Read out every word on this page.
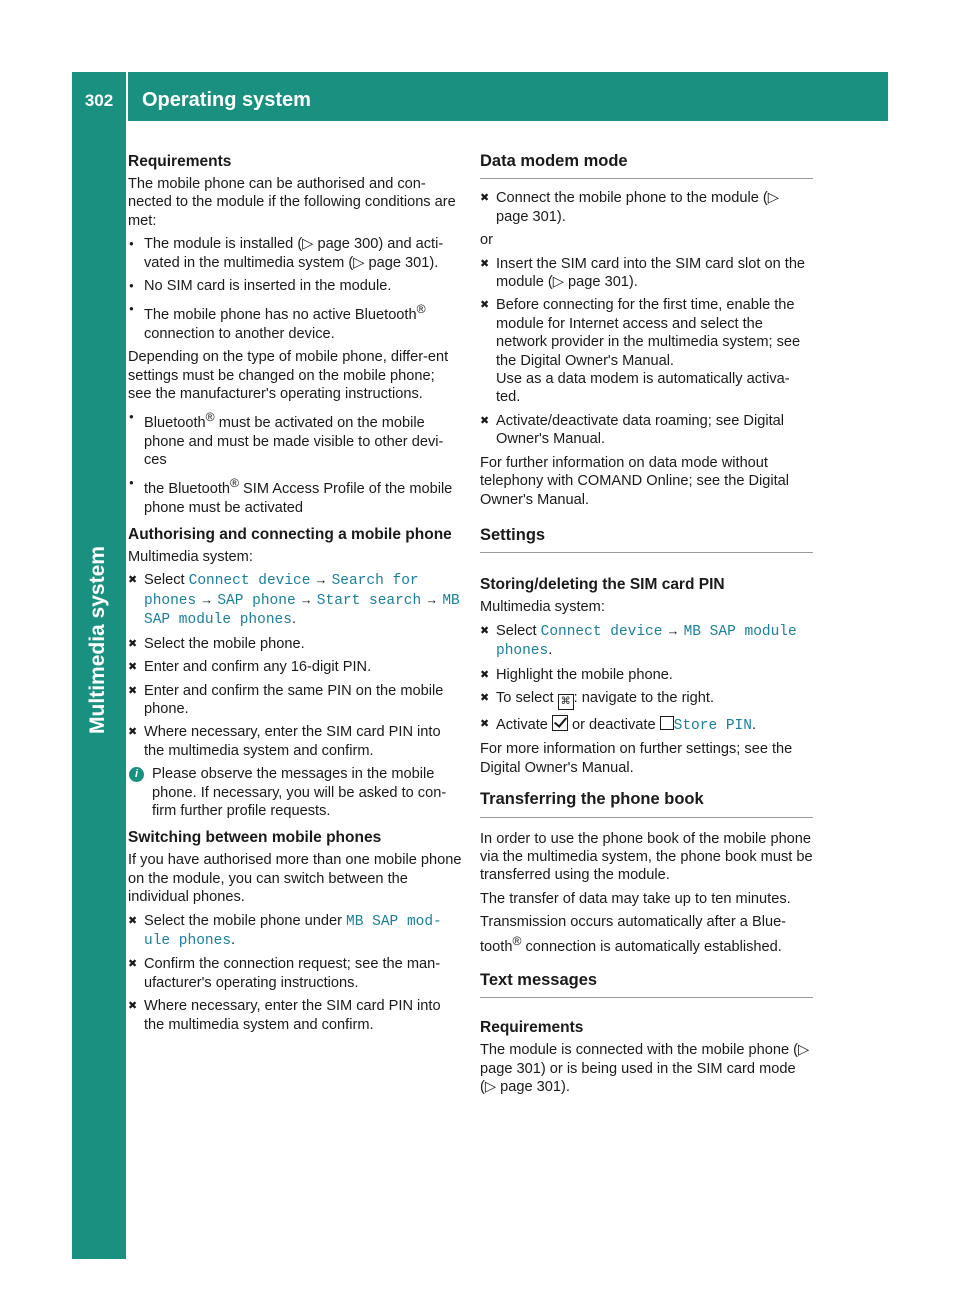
302	Operating system
Multimedia system
Requirements

The mobile phone can be authorised and con-nected to the module if the following conditions are met:

● The module is installed (▷ page 300) and acti-vated in the multimedia system (▷ page 301).

● No SIM card is inserted in the module.

● The mobile phone has no active Bluetooth® connection to another device.

Depending on the type of mobile phone, differ-ent settings must be changed on the mobile phone; see the manufacturer's operating instructions.

● Bluetooth® must be activated on the mobile phone and must be made visible to other devi-ces

● the Bluetooth® SIM Access Profile of the mobile phone must be activated

Authorising and connecting a mobile phone

Multimedia system:

✖ Select Connect device → Search for phones → SAP phone → Start search → MB SAP module phones.

✖ Select the mobile phone.

✖ Enter and confirm any 16-digit PIN.

✖ Enter and confirm the same PIN on the mobile phone.

✖ Where necessary, enter the SIM card PIN into the multimedia system and confirm.

i Please observe the messages in the mobile phone. If necessary, you will be asked to con-firm further profile requests.

Switching between mobile phones

If you have authorised more than one mobile phone on the module, you can switch between the individual phones.

✖ Select the mobile phone under MB SAP mod-ule phones.

✖ Confirm the connection request; see the man-ufacturer's operating instructions.

✖ Where necessary, enter the SIM card PIN into the multimedia system and confirm.

Data modem mode

✖ Connect the mobile phone to the module (▷ page 301).

or

✖ Insert the SIM card into the SIM card slot on the module (▷ page 301).

✖ Before connecting for the first time, enable the module for Internet access and select the network provider in the multimedia system; see the Digital Owner's Manual.

Use as a data modem is automatically activa-ted.

✖ Activate/deactivate data roaming; see Digital Owner's Manual.

For further information on data mode without telephony with COMAND Online; see the Digital Owner's Manual.

Settings
Storing/deleting the SIM card PIN

Multimedia system:

✖ Select Connect device → MB SAP module phones.

✖ Highlight the mobile phone.

✖ To select ⌘ : navigate to the right.

✖ Activate  or deactivate Store PIN.

For more information on further settings; see the Digital Owner's Manual.

Transferring the phone book

In order to use the phone book of the mobile phone via the multimedia system, the phone book must be transferred using the module.

The transfer of data may take up to ten minutes.

Transmission occurs automatically after a Blue-tooth® connection is automatically established.

Text messages
Requirements

The module is connected with the mobile phone (▷ page 301) or is being used in the SIM card mode (▷ page 301).
